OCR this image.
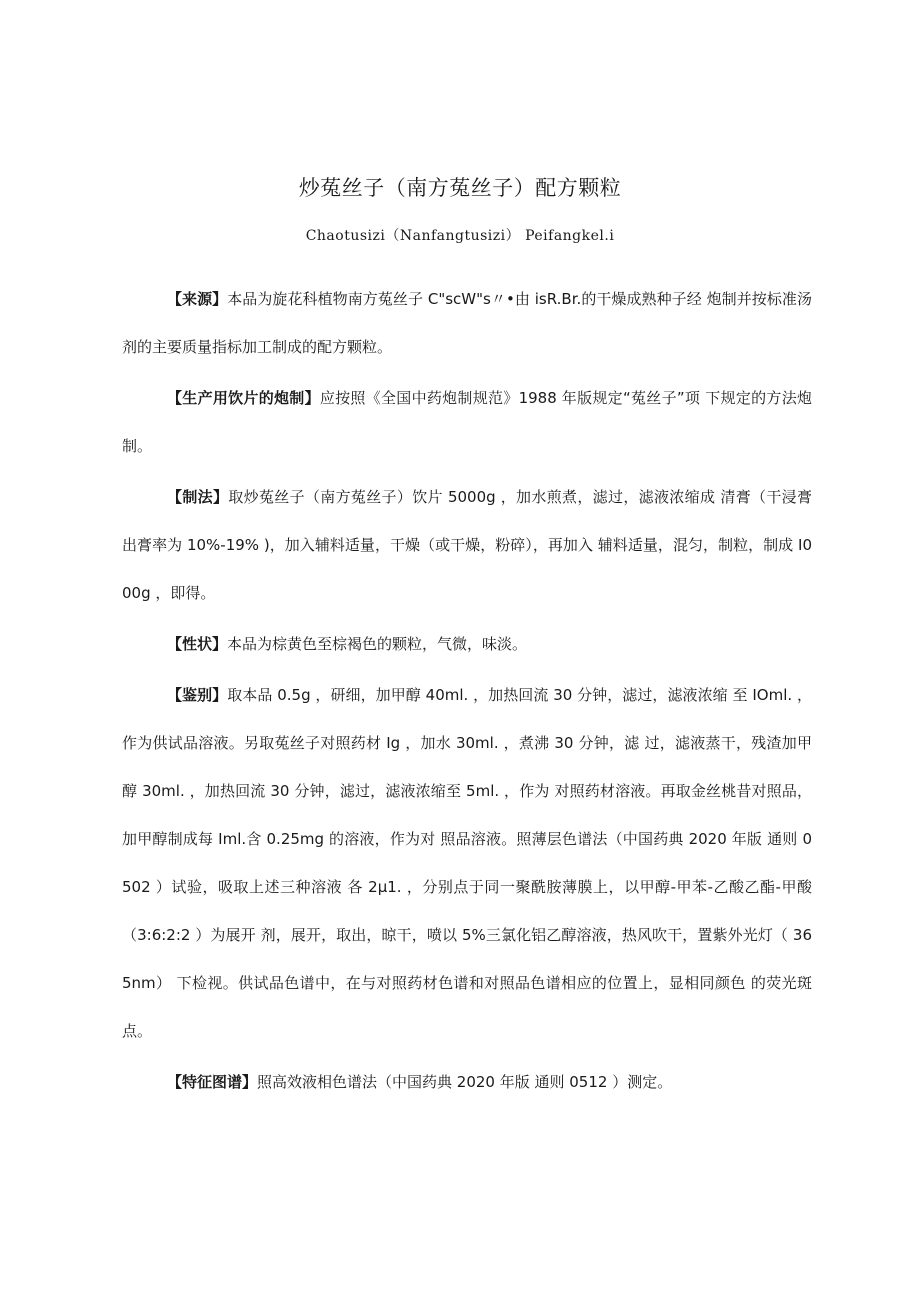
炒菟丝子（南方菟丝子）配方颗粒

Chaotusizi（Nanfangtusizi） Peifangkel.i

【来源】本品为旋花科植物南方菟丝子 C"scW"s〃•由 isR.Br.的干燥成熟种子经 炮制并按标准汤剂的主要质量指标加工制成的配方颗粒。

【生产用饮片的炮制】应按照《全国中药炮制规范》1988 年版规定“菟丝子”项 下规定的方法炮制。

【制法】取炒菟丝子（南方菟丝子）饮片 5000g ，加水煎煮，滤过，滤液浓缩成 清膏（干浸膏出膏率为 10%-19% )，加入辅料适量，干燥（或干燥，粉碎），再加入 辅料适量，混匀，制粒，制成 I000g ，即得。

【性状】本品为棕黄色至棕褐色的颗粒，气微，味淡。

【鉴别】取本品 0.5g ，研细，加甲醇 40ml. ，加热回流 30 分钟，滤过，滤液浓缩 至 IOml. ，作为供试品溶液。另取菟丝子对照药材 Ig ，加水 30ml. ，煮沸 30 分钟，滤 过，滤液蒸干，残渣加甲醇 30ml. ，加热回流 30 分钟，滤过，滤液浓缩至 5ml. ，作为 对照药材溶液。再取金丝桃昔对照品，加甲醇制成每 Iml.含 0.25mg 的溶液，作为对 照品溶液。照薄层色谱法（中国药典 2020 年版 通则 0502 ）试验，吸取上述三种溶液 各 2μ1. ，分别点于同一聚酰胺薄膜上，以甲醇-甲苯-乙酸乙酯-甲酸（3:6:2:2 ）为展开 剂，展开，取出，晾干，喷以 5%三氯化铝乙醇溶液，热风吹干，置紫外光灯（ 365nm） 下检视。供试品色谱中，在与对照药材色谱和对照品色谱相应的位置上，显相同颜色 的荧光斑点。

【特征图谱】照高效液相色谱法（中国药典 2020 年版 通则 0512 ）测定。
